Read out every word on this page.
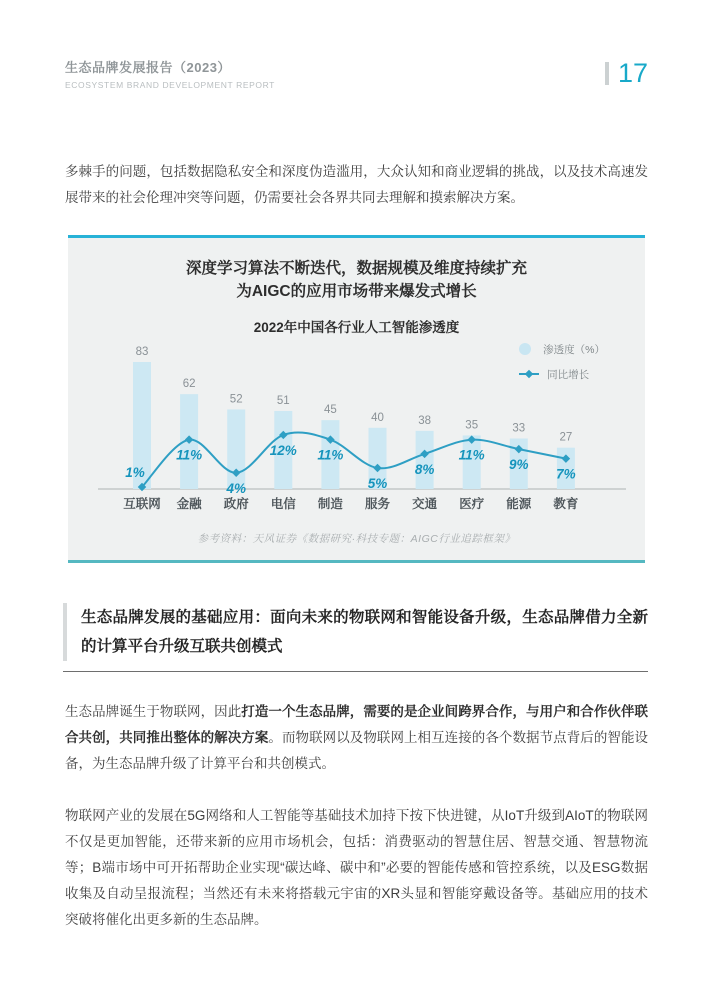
生态品牌发展报告（2023）
ECOSYSTEM BRAND DEVELOPMENT REPORT	17
多棘手的问题，包括数据隐私安全和深度伪造滥用，大众认知和商业逻辑的挑战，以及技术高速发展带来的社会伦理冲突等问题，仍需要社会各界共同去理解和摸索解决方案。
深度学习算法不断迭代，数据规模及维度持续扩充
为AIGC的应用市场带来爆发式增长
2022年中国各行业人工智能渗透度
渗透度（%）
同比增长
83
互联网
62
金融
52
政府
51
电信
45
制造
40
服务
38
交通
35
医疗
33
能源
27
教育
1%
11%
4%
12% 11%
5%
8%
11%
9%
7%
参考资料：天风证券《数据研究·科技专题：AIGC行业追踪框架》
生态品牌发展的基础应用：面向未来的物联网和智能设备升级，生态品牌借力全新的计算平台升级互联共创模式
生态品牌诞生于物联网，因此打造一个生态品牌，需要的是企业间跨界合作，与用户和合作伙伴联合共创，共同推出整体的解决方案。而物联网以及物联网上相互连接的各个数据节点背后的智能设备，为生态品牌升级了计算平台和共创模式。
物联网产业的发展在5G网络和人工智能等基础技术加持下按下快进键，从IoT升级到AIoT的物联网不仅是更加智能，还带来新的应用市场机会，包括：消费驱动的智慧住居、智慧交通、智慧物流等；B端市场中可开拓帮助企业实现“碳达峰、碳中和”必要的智能传感和管控系统，以及ESG数据收集及自动呈报流程；当然还有未来将搭载元宇宙的XR头显和智能穿戴设备等。基础应用的技术突破将催化出更多新的生态品牌。
